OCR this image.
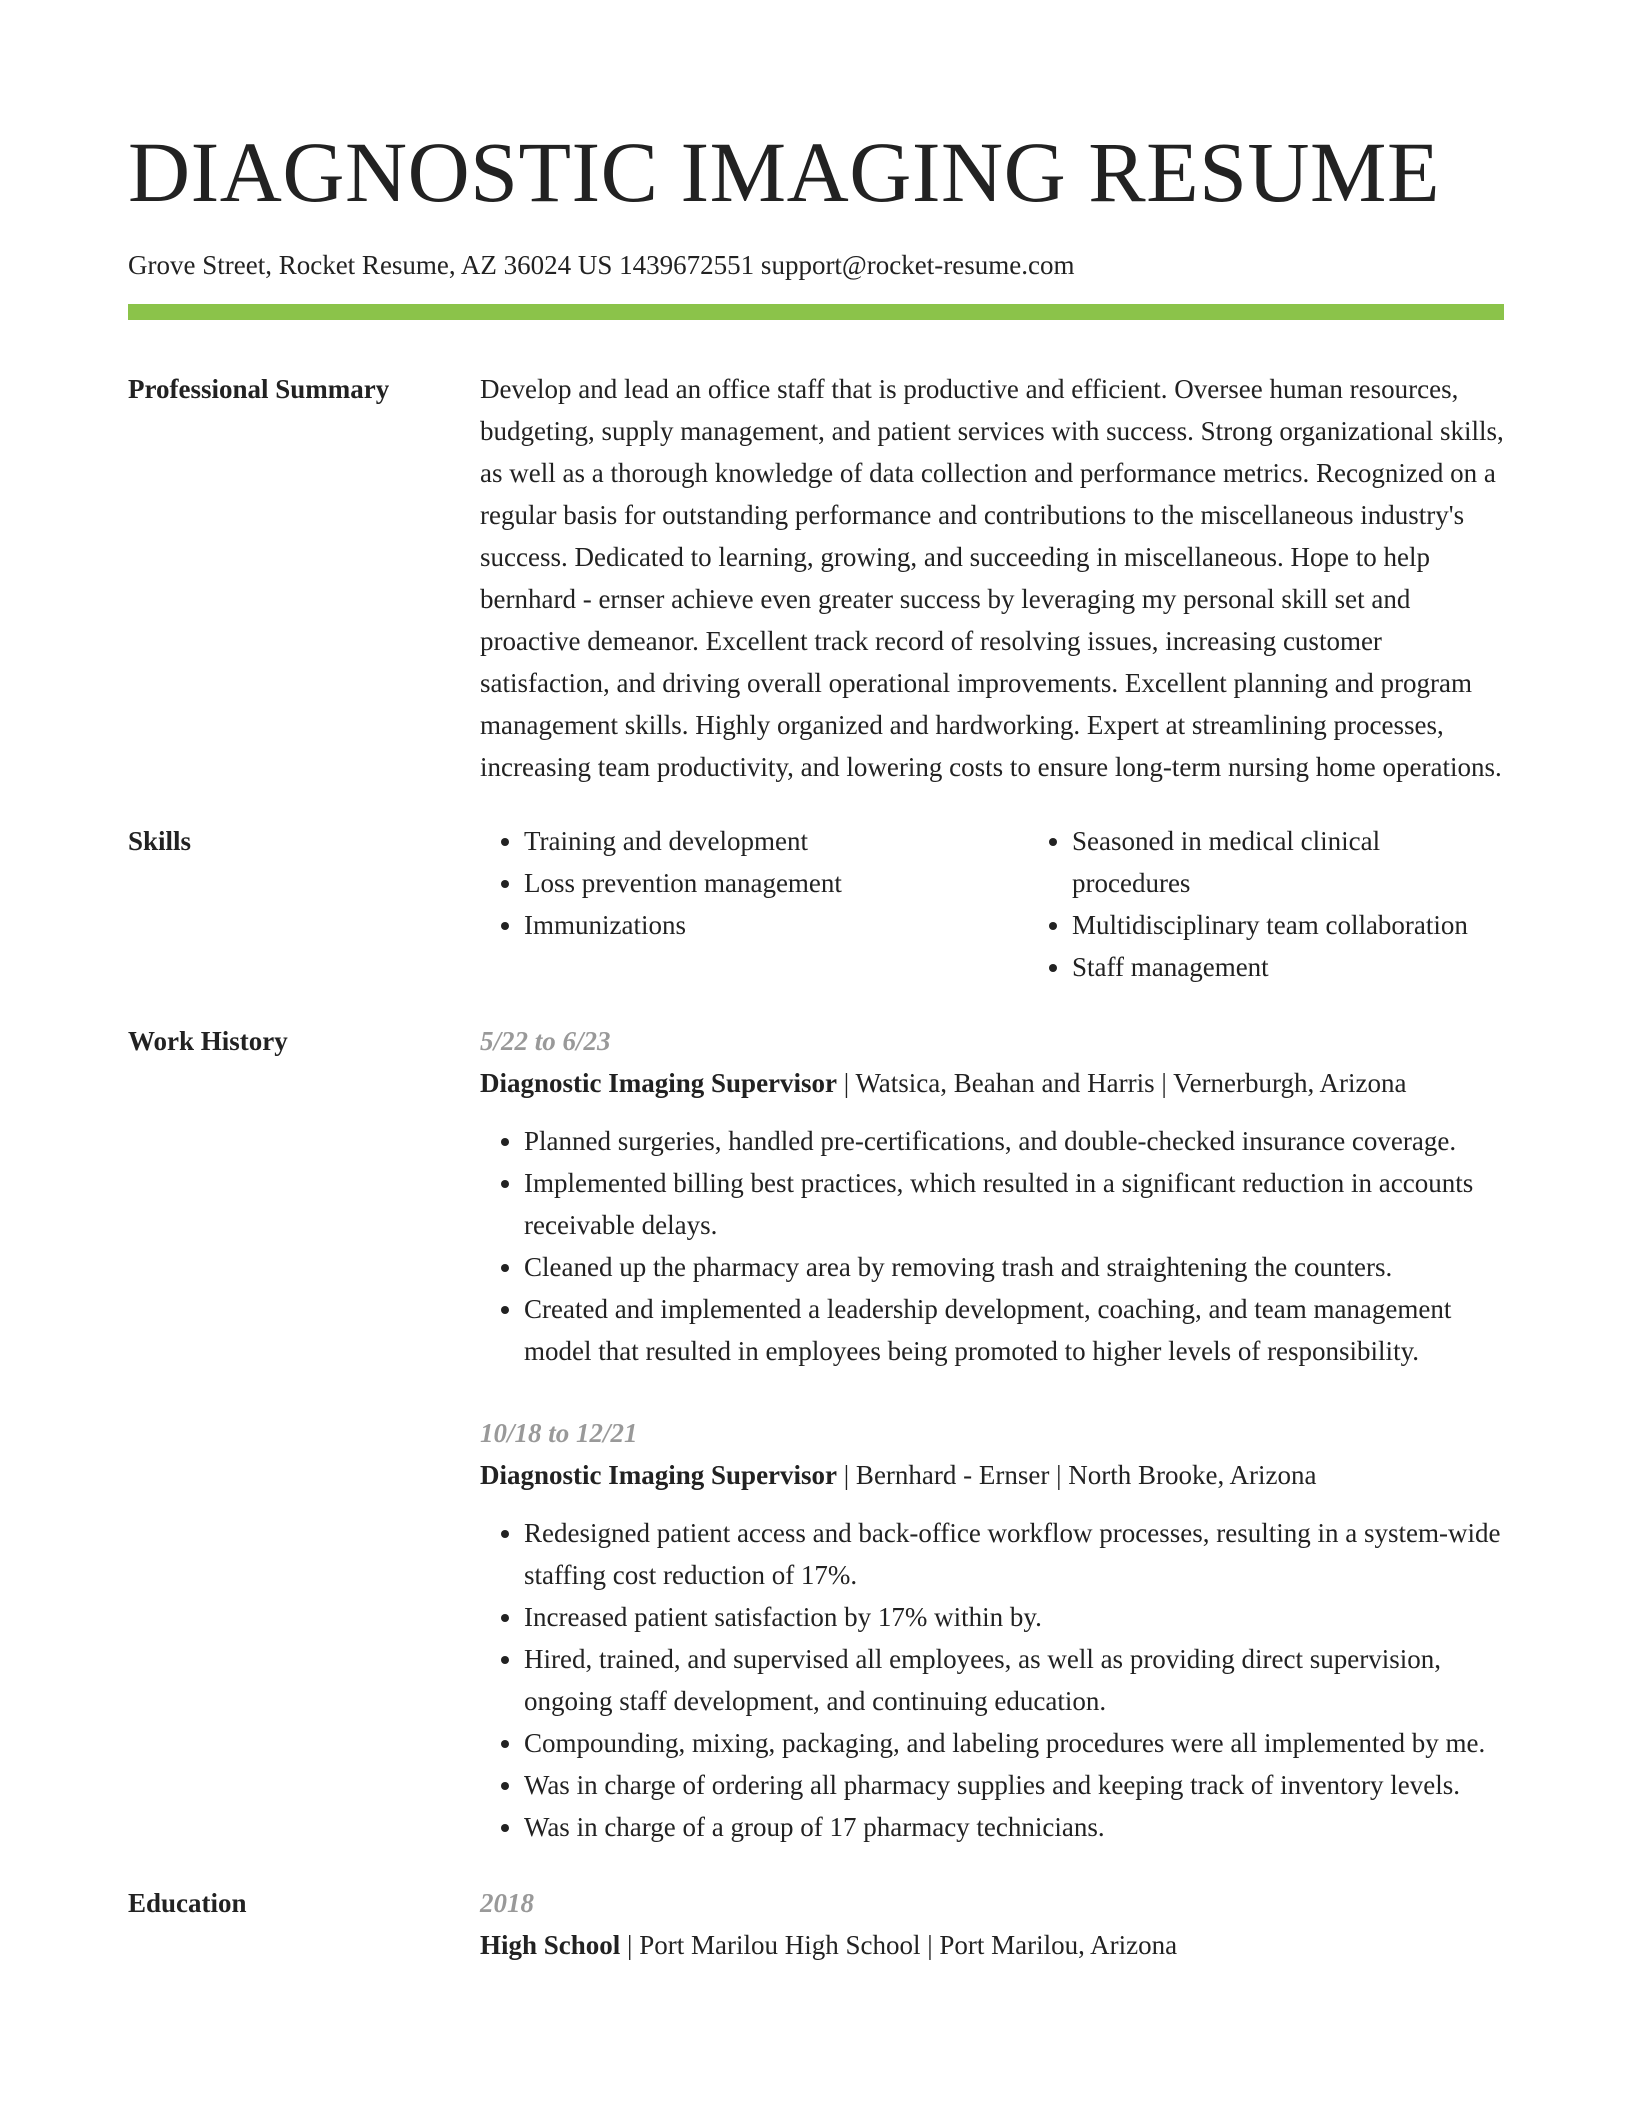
DIAGNOSTIC IMAGING RESUME
Grove Street, Rocket Resume, AZ 36024 US 1439672551 support@rocket-resume.com
Professional Summary	Develop and lead an office staff that is productive and efficient. Oversee human resources, budgeting, supply management, and patient services with success. Strong organizational skills, as well as a thorough knowledge of data collection and performance metrics. Recognized on a regular basis for outstanding performance and contributions to the miscellaneous industry's success. Dedicated to learning, growing, and succeeding in miscellaneous. Hope to help bernhard - ernser achieve even greater success by leveraging my personal skill set and proactive demeanor. Excellent track record of resolving issues, increasing customer satisfaction, and driving overall operational improvements. Excellent planning and program management skills. Highly organized and hardworking. Expert at streamlining processes, increasing team productivity, and lowering costs to ensure long-term nursing home operations.
Skills
•	Training and development
• Loss prevention management
• Immunizations
• Seasoned in medical clinical procedures
• Multidisciplinary team collaboration
• Staff management
Work History	5/22 to 6/23
Diagnostic Imaging Supervisor | Watsica, Beahan and Harris | Vernerburgh, Arizona
• Planned surgeries, handled pre-certifications, and double-checked insurance coverage.
• Implemented billing best practices, which resulted in a significant reduction in accounts receivable delays.
• Cleaned up the pharmacy area by removing trash and straightening the counters.
• Created and implemented a leadership development, coaching, and team management model that resulted in employees being promoted to higher levels of responsibility.
10/18 to 12/21
Diagnostic Imaging Supervisor | Bernhard - Ernser | North Brooke, Arizona
• Redesigned patient access and back-office workflow processes, resulting in a system-wide staffing cost reduction of 17%.
• Increased patient satisfaction by 17% within by.
• Hired, trained, and supervised all employees, as well as providing direct supervision, ongoing staff development, and continuing education.
• Compounding, mixing, packaging, and labeling procedures were all implemented by me.
• Was in charge of ordering all pharmacy supplies and keeping track of inventory levels.
• Was in charge of a group of 17 pharmacy technicians.
Education	2018
High School | Port Marilou High School | Port Marilou, Arizona
